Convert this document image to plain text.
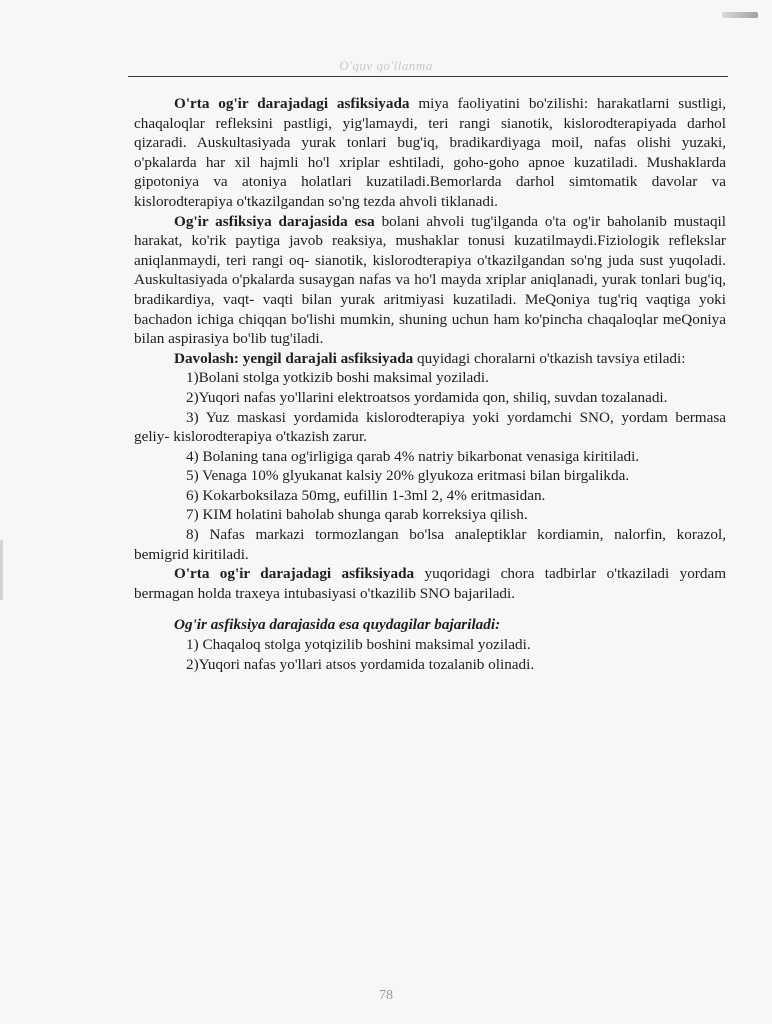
O'quv qo'llanma

O'rta og'ir darajadagi asfiksiyada miya faoliyatini bo'zilishi: harakatlarni sustligi, chaqaloqlar refleksini pastligi, yig'lamaydi, teri rangi sianotik, kislorodterapiyada darhol qizaradi. Auskultasiyada yurak tonlari bug'iq, bradikardiyaga moil, nafas olishi yuzaki, o'pkalarda har xil hajmli ho'l xriplar eshtiladi, goho-goho apnoe kuzatiladi. Mushaklarda gipotoniya va atoniya holatlari kuzatiladi.Bemorlarda darhol simtomatik davolar va kislorodterapiya o'tkazilgandan so'ng tezda ahvoli tiklanadi.

Og'ir asfiksiya darajasida esa bolani ahvoli tug'ilganda o'ta og'ir baholanib mustaqil harakat, ko'rik paytiga javob reaksiya, mushaklar tonusi kuzatilmaydi.Fiziologik reflekslar aniqlanmaydi, teri rangi oq- sianotik, kislorodterapiya o'tkazilgandan so'ng juda sust yuqoladi. Auskultasiyada o'pkalarda susaygan nafas va ho'l mayda xriplar aniqlanadi, yurak tonlari bug'iq, bradikardiya, vaqt- vaqti bilan yurak aritmiyasi kuzatiladi. MeQoniya tug'riq vaqtiga yoki bachadon ichiga chiqqan bo'lishi mumkin, shuning uchun ham ko'pincha chaqaloqlar meQoniya bilan aspirasiya bo'lib tug'iladi.

Davolash: yengil darajali asfiksiyada quyidagi choralarni o'tkazish tavsiya etiladi:

1)Bolani stolga yotkizib boshi maksimal yoziladi.

2)Yuqori nafas yo'llarini elektroatsos yordamida qon, shiliq, suvdan tozalanadi.

3) Yuz maskasi yordamida kislorodterapiya yoki yordamchi SNO, yordam bermasa geliy- kislorodterapiya o'tkazish zarur.

4) Bolaning tana og'irligiga qarab 4% natriy bikarbonat venasiga kiritiladi.

5) Venaga 10% glyukanat kalsiy 20% glyukoza eritmasi bilan birgalikda.

6) Kokarboksilaza 50mg, eufillin 1-3ml 2, 4% eritmasidan.

7) KIM holatini baholab shunga qarab korreksiya qilish.

8) Nafas markazi tormozlangan bo'lsa analeptiklar kordiamin, nalorfin, korazol, bemigrid kiritiladi.

O'rta og'ir darajadagi asfiksiyada yuqoridagi chora tadbirlar o'tkaziladi yordam bermagan holda traxeya intubasiyasi o'tkazilib SNO bajariladi.

Og'ir asfiksiya darajasida esa quydagilar bajariladi:

1) Chaqaloq stolga yotqizilib boshini maksimal yoziladi.

2)Yuqori nafas yo'llari atsos yordamida tozalanib olinadi.

78
